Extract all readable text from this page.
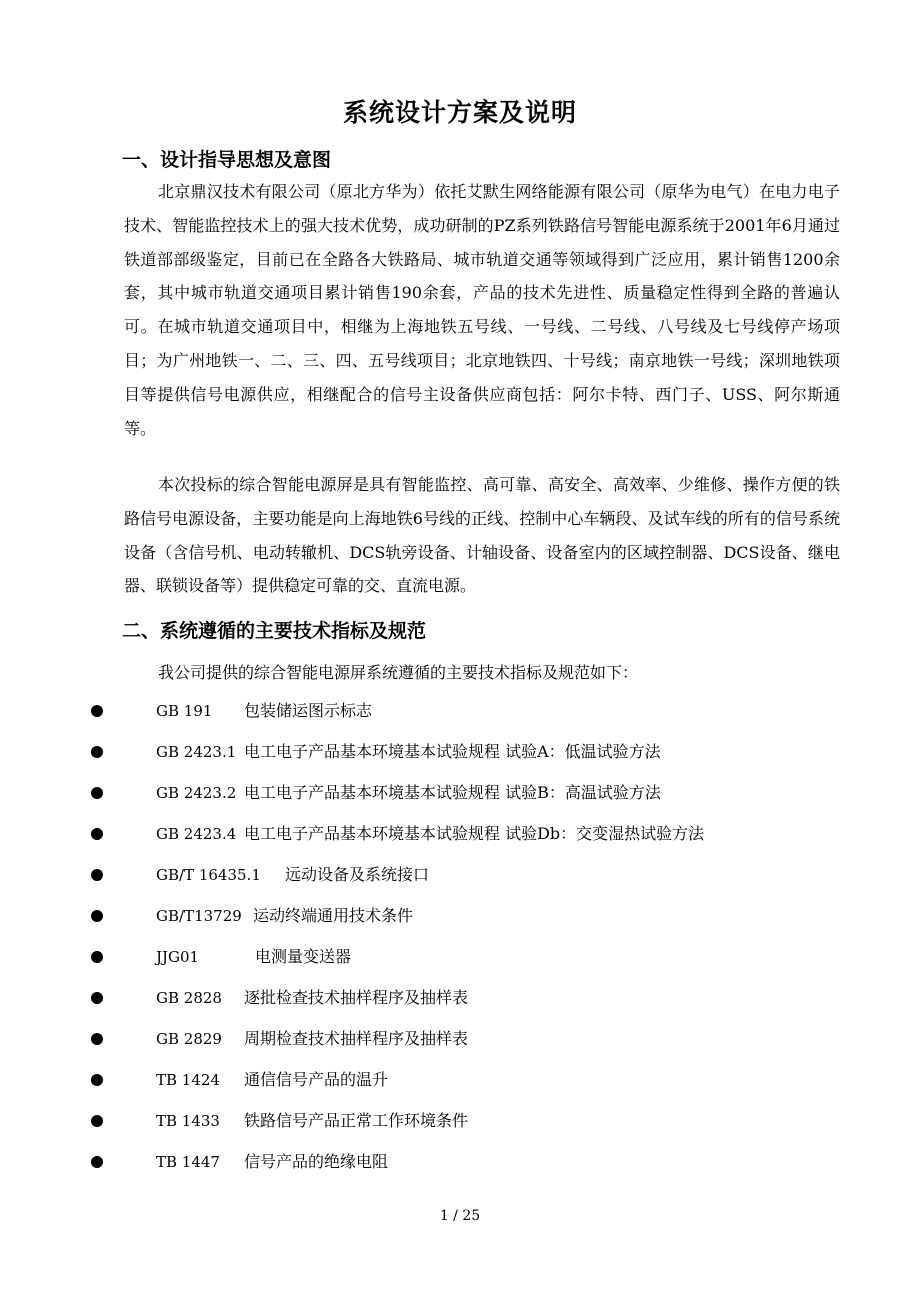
系统设计方案及说明
一、设计指导思想及意图
北京鼎汉技术有限公司（原北方华为）依托艾默生网络能源有限公司（原华为电气）在电力电子技术、智能监控技术上的强大技术优势，成功研制的PZ系列铁路信号智能电源系统于2001年6月通过铁道部部级鉴定，目前已在全路各大铁路局、城市轨道交通等领域得到广泛应用，累计销售1200余套，其中城市轨道交通项目累计销售190余套，产品的技术先进性、质量稳定性得到全路的普遍认可。在城市轨道交通项目中，相继为上海地铁五号线、一号线、二号线、八号线及七号线停产场项目；为广州地铁一、二、三、四、五号线项目；北京地铁四、十号线；南京地铁一号线；深圳地铁项目等提供信号电源供应，相继配合的信号主设备供应商包括：阿尔卡特、西门子、USS、阿尔斯通等。
本次投标的综合智能电源屏是具有智能监控、高可靠、高安全、高效率、少维修、操作方便的铁路信号电源设备，主要功能是向上海地铁6号线的正线、控制中心车辆段、及试车线的所有的信号系统设备（含信号机、电动转辙机、DCS轨旁设备、计轴设备、设备室内的区域控制器、DCS设备、继电器、联锁设备等）提供稳定可靠的交、直流电源。
二、系统遵循的主要技术指标及规范
我公司提供的综合智能电源屏系统遵循的主要技术指标及规范如下：
GB 191 包装储运图示标志
GB 2423.1 电工电子产品基本环境基本试验规程 试验A：低温试验方法
GB 2423.2 电工电子产品基本环境基本试验规程 试验B：高温试验方法
GB 2423.4 电工电子产品基本环境基本试验规程 试验Db：交变湿热试验方法
GB/T 16435.1 远动设备及系统接口
GB/T13729 运动终端通用技术条件
JJG01	电测量变送器
GB 2828 逐批检查技术抽样程序及抽样表
GB 2829 周期检查技术抽样程序及抽样表
TB 1424 通信信号产品的温升
TB 1433 铁路信号产品正常工作环境条件
TB 1447 信号产品的绝缘电阻
1 / 25
